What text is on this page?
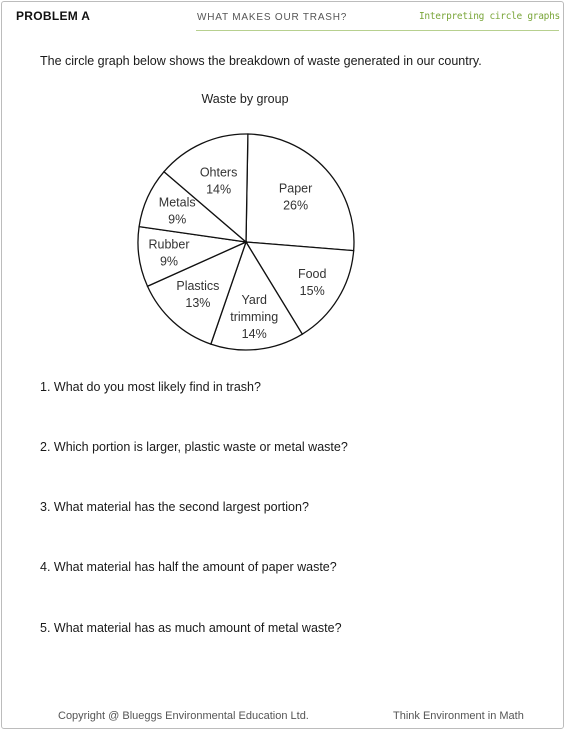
PROBLEM A	WHAT MAKES OUR TRASH?	Interpreting circle graphs
The circle graph below shows the breakdown of waste generated in our country.
Waste by group
Paper 26%
Food 15%
Yard trimming 14%
Plastics 13%
Rubber 9%
Metals 9%
Ohters 14%
1. What do you most likely find in trash?
2. Which portion is larger, plastic waste or metal waste?
3. What material has the second largest portion?
4. What material has half the amount of paper waste?
5. What material has as much amount of metal waste?
Copyright @ Blueggs Environmental Education Ltd.	Think Environment in Math
